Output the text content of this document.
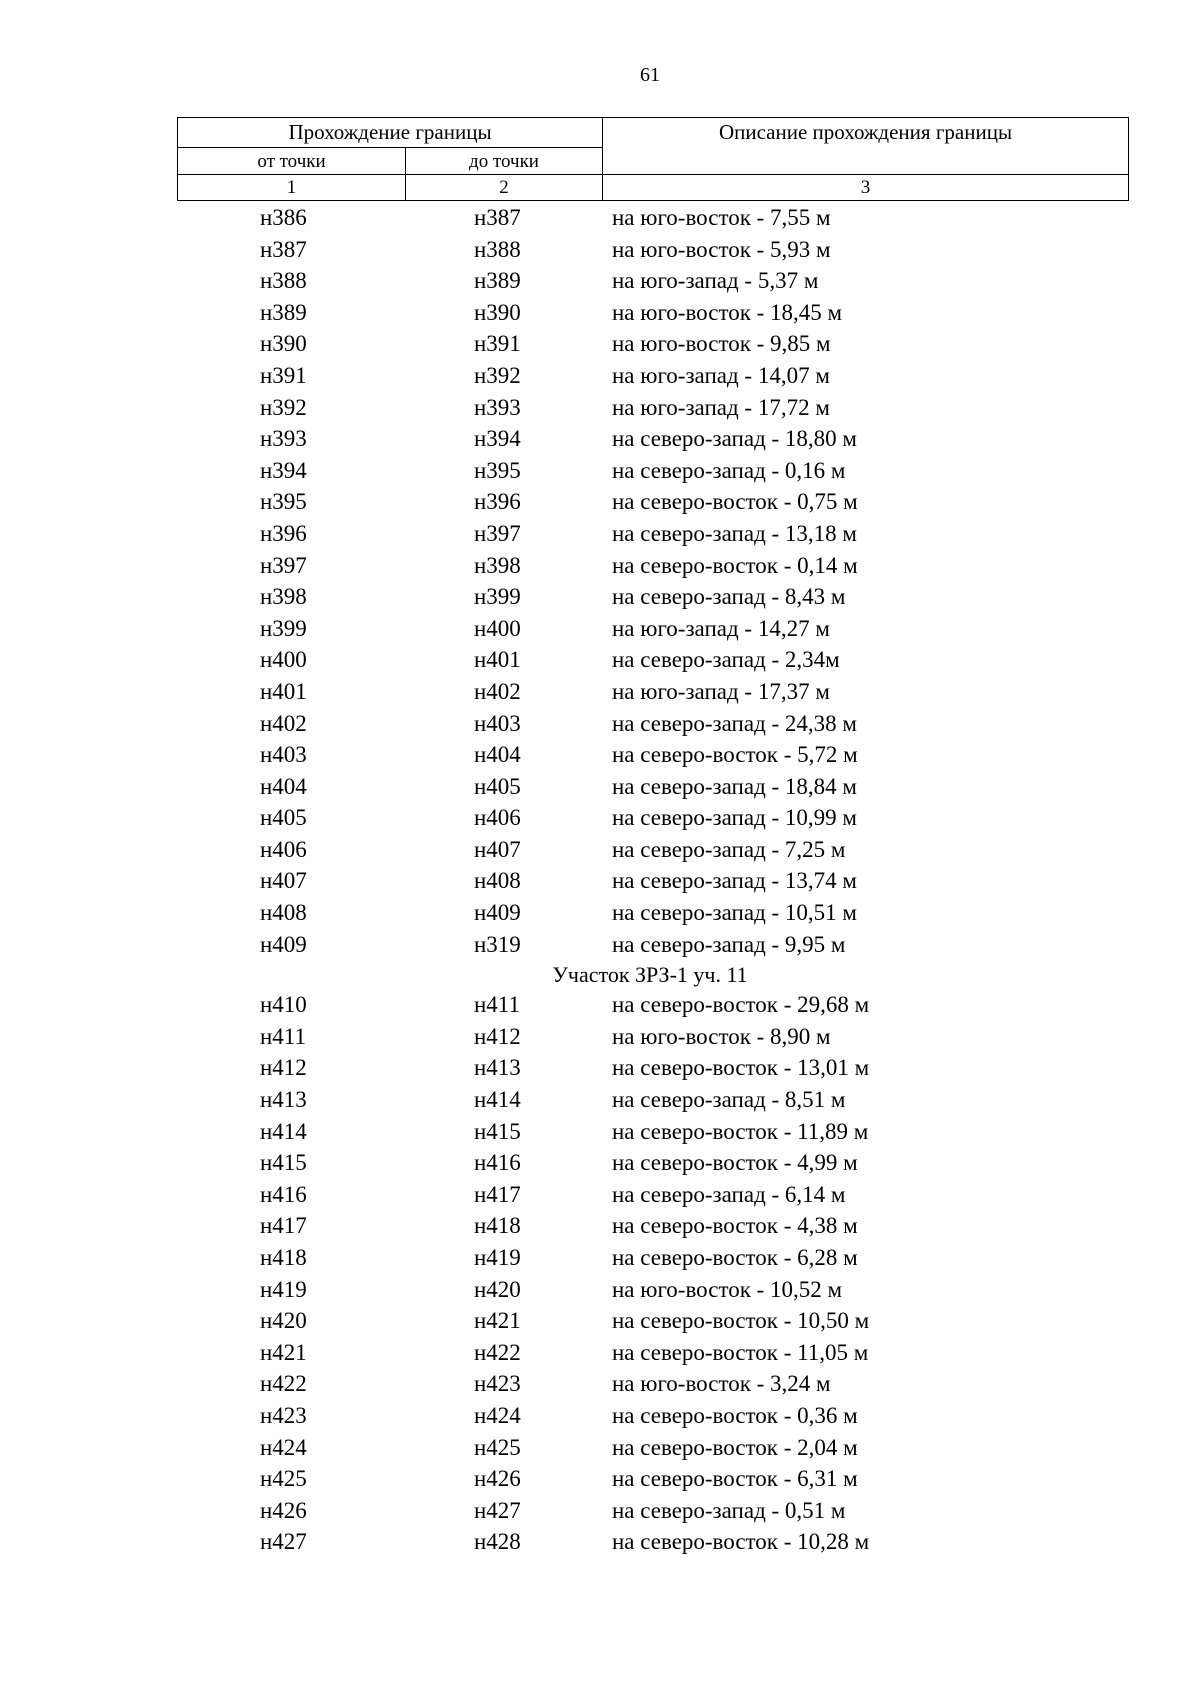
61
Прохождение границы		Описание прохождения границы
от точки	до точки	
1	2	3
н386	н387	на юго-восток - 7,55 м
н387	н388	на юго-восток - 5,93 м
н388	н389	на юго-запад - 5,37 м
н389	н390	на юго-восток - 18,45 м
н390	н391	на юго-восток - 9,85 м
н391	н392	на юго-запад - 14,07 м
н392	н393	на юго-запад - 17,72 м
н393	н394	на северо-запад - 18,80 м
н394	н395	на северо-запад - 0,16 м
н395	н396	на северо-восток - 0,75 м
н396	н397	на северо-запад - 13,18 м
н397	н398	на северо-восток - 0,14 м
н398	н399	на северо-запад - 8,43 м
н399	н400	на юго-запад - 14,27 м
н400	н401	на северо-запад - 2,34м
н401	н402	на юго-запад - 17,37 м
н402	н403	на северо-запад - 24,38 м
н403	н404	на северо-восток - 5,72 м
н404	н405	на северо-запад - 18,84 м
н405	н406	на северо-запад - 10,99 м
н406	н407	на северо-запад - 7,25 м
н407	н408	на северо-запад - 13,74 м
н408	н409	на северо-запад - 10,51 м
н409	н319	на северо-запад - 9,95 м
Участок ЗРЗ-1 уч. 11
н410	н411	на северо-восток - 29,68 м
н411	н412	на юго-восток - 8,90 м
н412	н413	на северо-восток - 13,01 м
н413	н414	на северо-запад - 8,51 м
н414	н415	на северо-восток - 11,89 м
н415	н416	на северо-восток - 4,99 м
н416	н417	на северо-запад - 6,14 м
н417	н418	на северо-восток - 4,38 м
н418	н419	на северо-восток - 6,28 м
н419	н420	на юго-восток - 10,52 м
н420	н421	на северо-восток - 10,50 м
н421	н422	на северо-восток - 11,05 м
н422	н423	на юго-восток - 3,24 м
н423	н424	на северо-восток - 0,36 м
н424	н425	на северо-восток - 2,04 м
н425	н426	на северо-восток - 6,31 м
н426	н427	на северо-запад - 0,51 м
н427	н428	на северо-восток - 10,28 м
